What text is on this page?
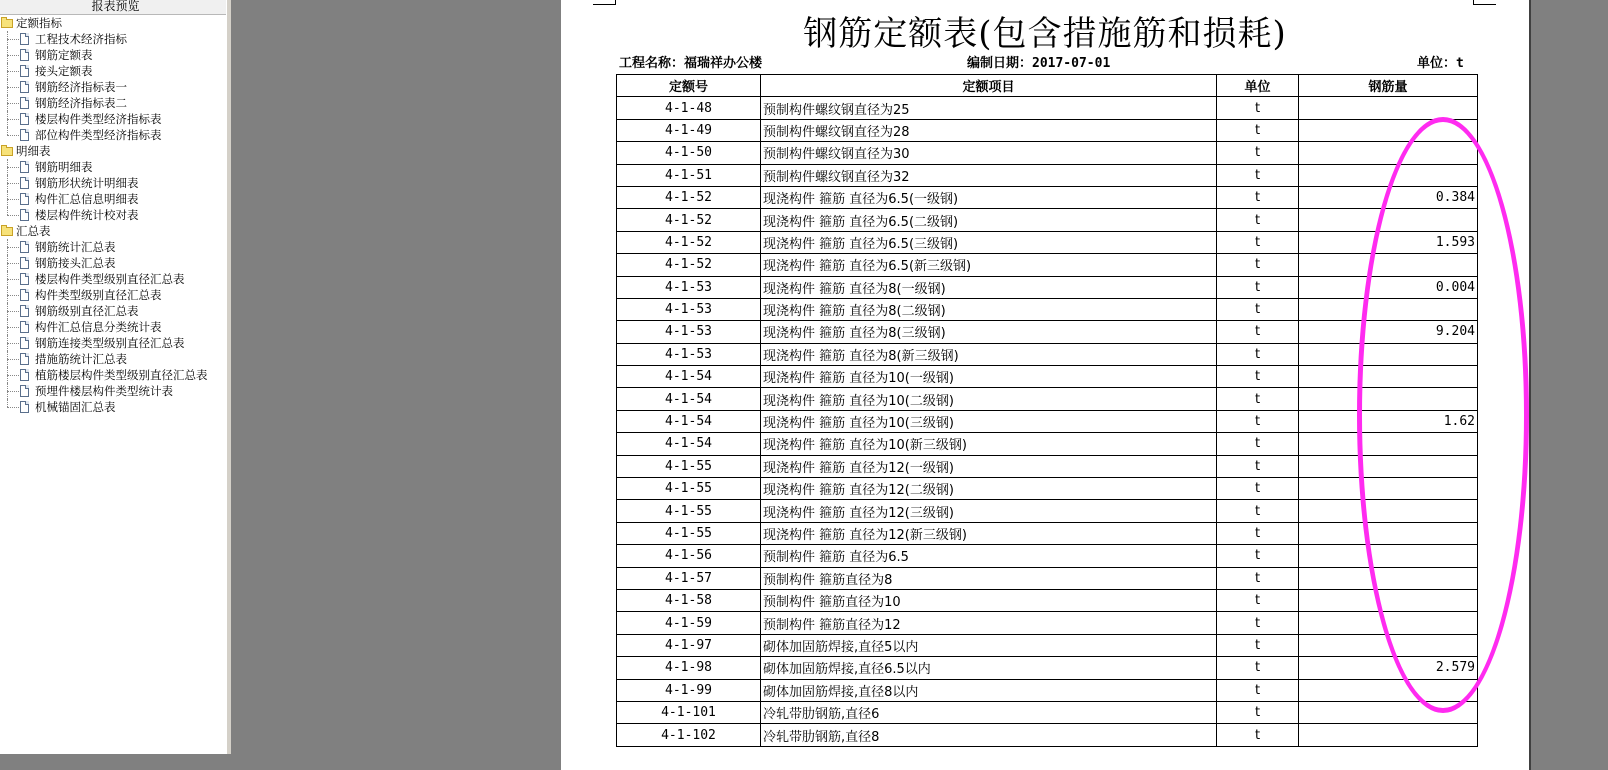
报表预览
定额指标
工程技术经济指标
钢筋定额表
接头定额表
钢筋经济指标表一
钢筋经济指标表二
楼层构件类型经济指标表
部位构件类型经济指标表
明细表
钢筋明细表
钢筋形状统计明细表
构件汇总信息明细表
楼层构件统计校对表
汇总表
钢筋统计汇总表
钢筋接头汇总表
楼层构件类型级别直径汇总表
构件类型级别直径汇总表
钢筋级别直径汇总表
构件汇总信息分类统计表
钢筋连接类型级别直径汇总表
措施筋统计汇总表
植筋楼层构件类型级别直径汇总表
预埋件楼层构件类型统计表
机械锚固汇总表
钢筋定额表(包含措施筋和损耗)
工程名称：福瑞祥办公楼	编制日期：2017-07-01	单位：t
定额号	定额项目	单位	钢筋量
4-1-48	预制构件螺纹钢直径为25	t	
4-1-49	预制构件螺纹钢直径为28	t	
4-1-50	预制构件螺纹钢直径为30	t	
4-1-51	预制构件螺纹钢直径为32	t	
4-1-52	现浇构件 箍筋 直径为6.5(一级钢)	t	0.384
4-1-52	现浇构件 箍筋 直径为6.5(二级钢)	t	
4-1-52	现浇构件 箍筋 直径为6.5(三级钢)	t	1.593
4-1-52	现浇构件 箍筋 直径为6.5(新三级钢)	t	
4-1-53	现浇构件 箍筋 直径为8(一级钢)	t	0.004
4-1-53	现浇构件 箍筋 直径为8(二级钢)	t	
4-1-53	现浇构件 箍筋 直径为8(三级钢)	t	9.204
4-1-53	现浇构件 箍筋 直径为8(新三级钢)	t	
4-1-54	现浇构件 箍筋 直径为10(一级钢)	t	
4-1-54	现浇构件 箍筋 直径为10(二级钢)	t	
4-1-54	现浇构件 箍筋 直径为10(三级钢)	t	1.62
4-1-54	现浇构件 箍筋 直径为10(新三级钢)	t	
4-1-55	现浇构件 箍筋 直径为12(一级钢)	t	
4-1-55	现浇构件 箍筋 直径为12(二级钢)	t	
4-1-55	现浇构件 箍筋 直径为12(三级钢)	t	
4-1-55	现浇构件 箍筋 直径为12(新三级钢)	t	
4-1-56	预制构件 箍筋 直径为6.5	t	
4-1-57	预制构件 箍筋直径为8	t	
4-1-58	预制构件 箍筋直径为10	t	
4-1-59	预制构件 箍筋直径为12	t	
4-1-97	砌体加固筋焊接,直径5以内	t	
4-1-98	砌体加固筋焊接,直径6.5以内	t	2.579
4-1-99	砌体加固筋焊接,直径8以内	t	
4-1-101	冷轧带肋钢筋,直径6	t	
4-1-102	冷轧带肋钢筋,直径8	t	
